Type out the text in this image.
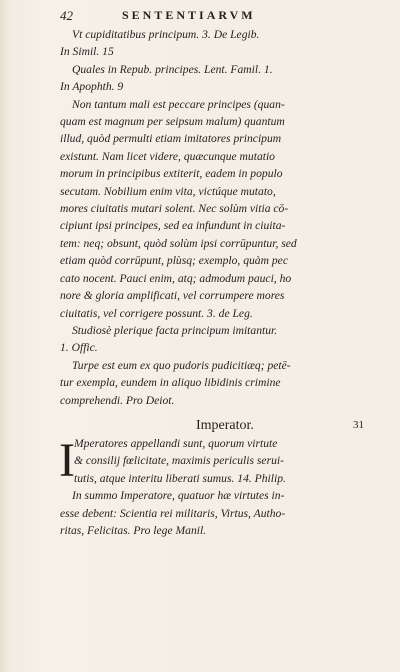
42	SENTENTIARVM
Vt cupiditatibus principum. 3. De Legib.
In Simil. 15
Quales in Repub. principes. Lent. Famil. 1.
In Apophth. 9
Non tantum mali est peccare principes (quan-
quam est magnum per seipsum malum) quantum
illud, quòd permulti etiam imitatores principum
existunt. Nam licet videre, quæcunque mutatio
morum in principibus extiterit, eadem in populo
secutam. Nobilium enim vita, victúque mutato,
mores ciuitatis mutari solent. Nec solùm vitia cō-
cipiunt ipsi principes, sed ea infundunt in ciuita-
tem: neq; obsunt, quòd solùm ipsi corrūpuntur, sed
etiam quòd corrūpunt, plùsq; exemplo, quàm pec
cato nocent. Pauci enim, atq; admodum pauci, ho
nore & gloria amplificati, vel corrumpere mores
ciuitatis, vel corrigere possunt. 3. de Leg.
Studiosè plerique facta principum imitantur.
1. Offic.
Turpe est eum ex quo pudoris pudicitiæq; petē-
tur exempla, eundem in aliquo libidinis crimine
comprehendi. Pro Deiot.
Imperator.	31
I Mperatores appellandi sunt, quorum virtute
& consilij fœlicitate, maximis periculis serui-
tutis, atque interitu liberati sumus. 14. Philip.
In summo Imperatore, quatuor hæ virtutes in-
esse debent: Scientia rei militaris, Virtus, Autho-
ritas, Felicitas. Pro lege Manil.
